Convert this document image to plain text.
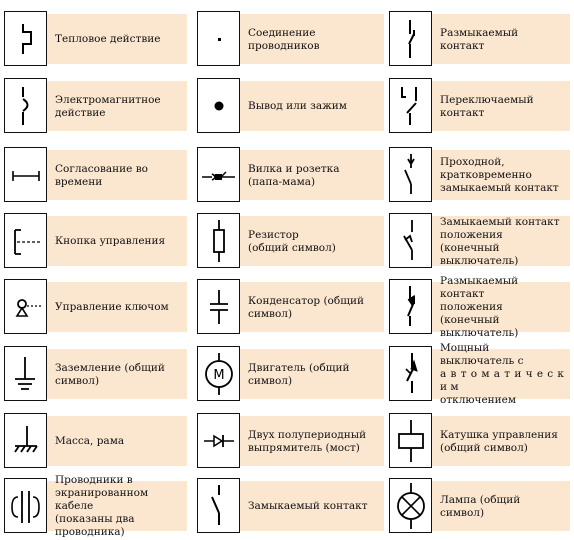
Тепловое действие
Соединение проводников
Размыкаемый контакт
Электромагнитное
действие
Вывод или зажим
Переключаемый контакт
Согласование во времени
Вилка и розетка
(папа-мама)
Проходной,
кратковременно
замыкаемый контакт
Кнопка управления
Резистор
(общий символ)
Замыкаемый контакт
положения
(конечный выключатель)
Управление ключом
Конденсатор (общий
символ)
Размыкаемый контакт
положения
(конечный выключатель)
Заземление (общий
символ)	M
Двигатель (общий
символ)
Мощный выключатель с
а в т о м а т и ч е с к и м
отключением
Масса, рама
Двух полупериодный
выпрямитель (мост)
Катушка управления
(общий символ)
Проводники в
экранированном кабеле
(показаны два
проводника)
Замыкаемый контакт
Лампа (общий символ)
